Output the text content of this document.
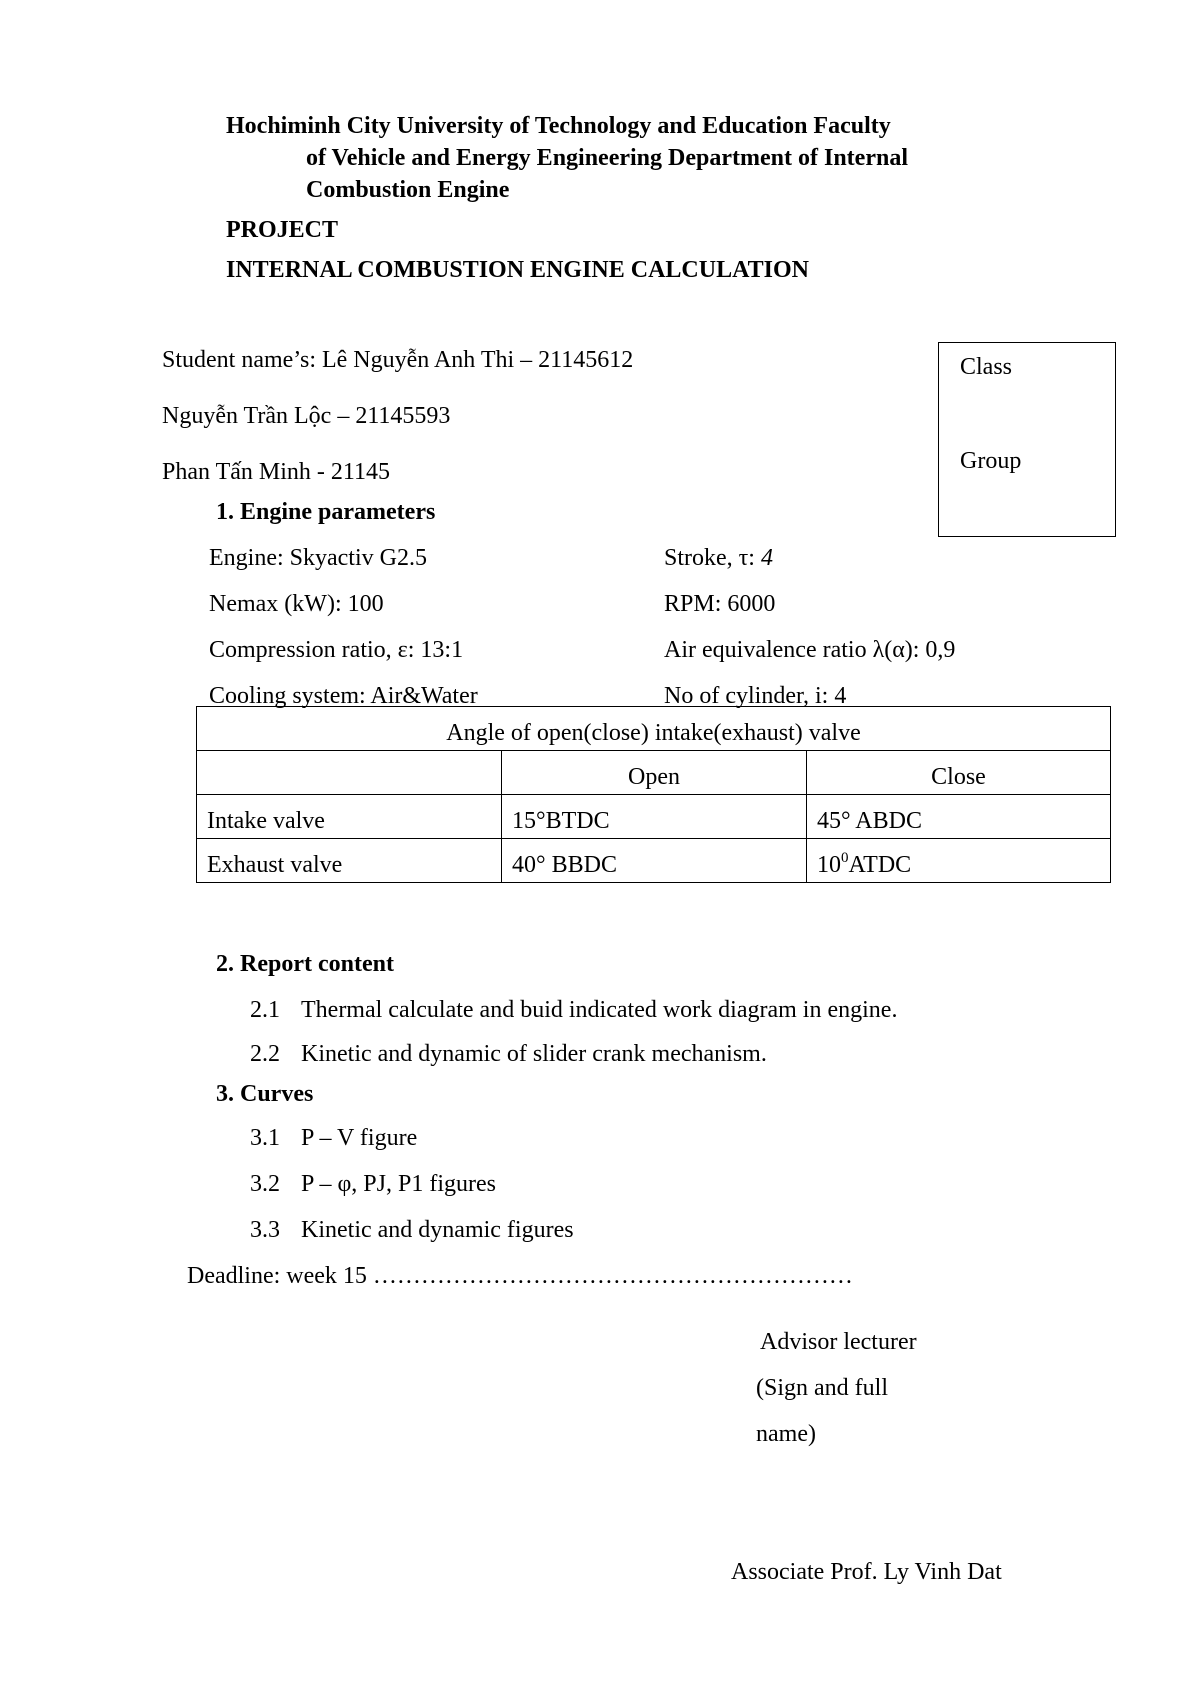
Hochiminh City University of Technology and Education Faculty
of Vehicle and Energy Engineering Department of Internal
Combustion Engine
PROJECT
INTERNAL COMBUSTION ENGINE CALCULATION
Student name’s: Lê Nguyễn Anh Thi – 21145612
Nguyễn Trần Lộc – 21145593
Phan Tấn Minh - 21145
Class
Group
1. Engine parameters
Engine: Skyactiv G2.5	Stroke, τ: 4
Nemax (kW): 100	RPM: 6000
Compression ratio, ε: 13:1	Air equivalence ratio λ(α): 0,9
Cooling system: Air&Water	No of cylinder, i: 4
Angle of open(close) intake(exhaust) valve		
	Open	Close
Intake valve	15°BTDC	45° ABDC
Exhaust valve	40° BBDC	$10^0ATDC$
2. Report content
2.1 Thermal calculate and buid indicated work diagram in engine.
2.2 Kinetic and dynamic of slider crank mechanism.
3. Curves
3.1 P – V figure
3.2 P – φ, PJ, P1 figures
3.3 Kinetic and dynamic figures
Deadline: week 15 ……………………………………………………
Advisor lecturer
(Sign and full
name)
Associate Prof. Ly Vinh Dat
